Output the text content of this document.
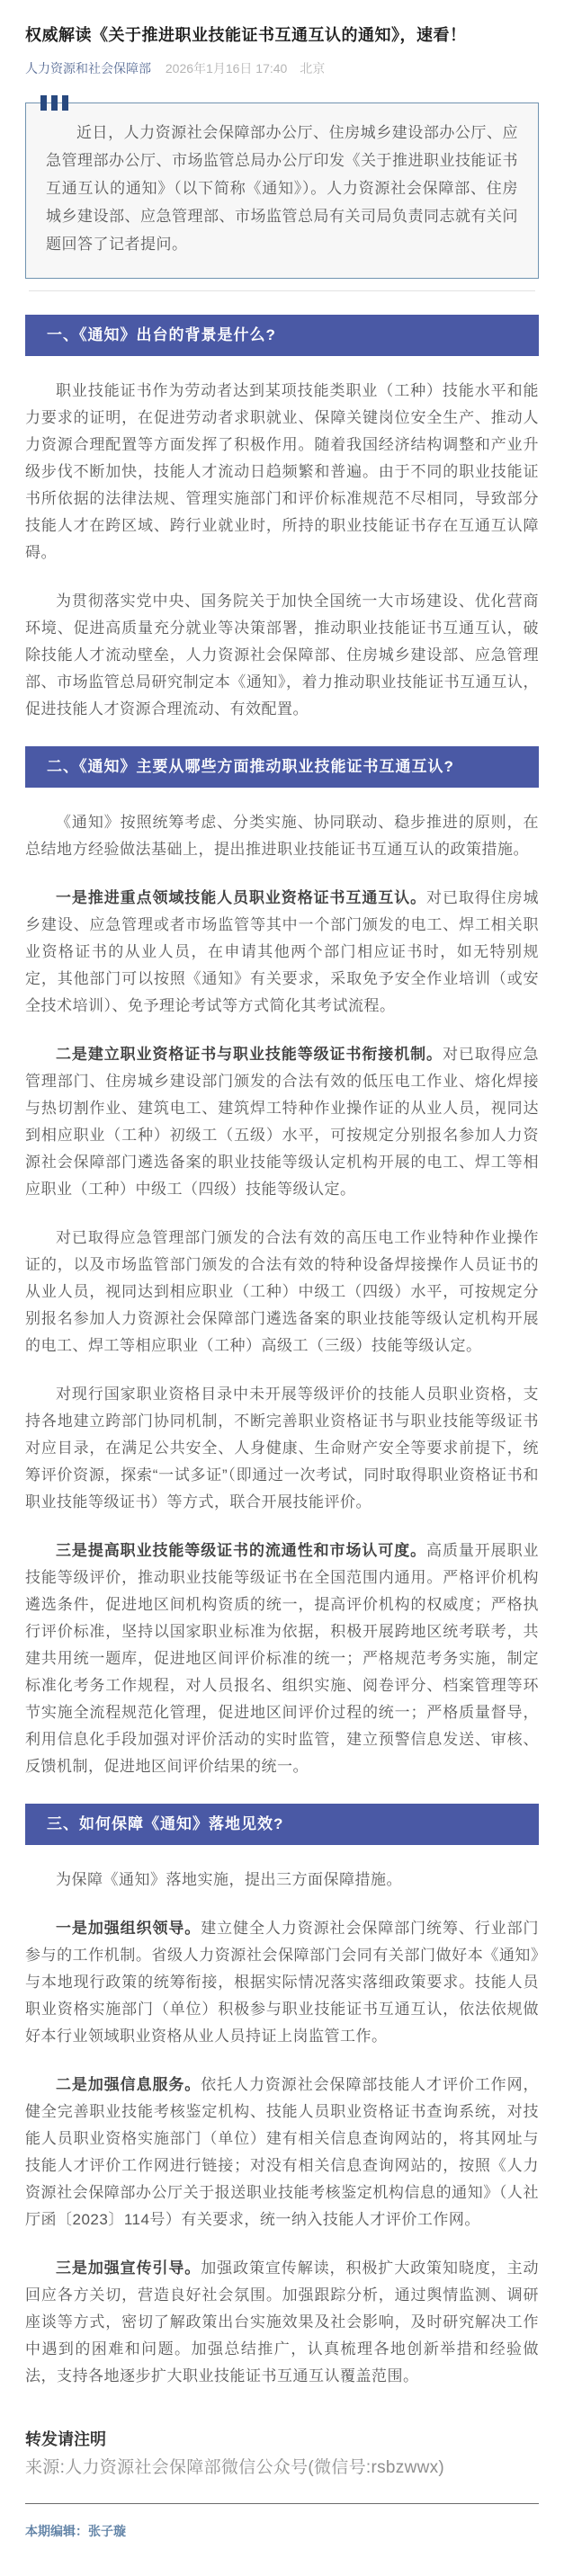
权威解读《关于推进职业技能证书互通互认的通知》，速看！
人力资源和社会保障部 2026年1月16日 17:40 北京

近日，人力资源社会保障部办公厅、住房城乡建设部办公厅、应急管理部办公厅、市场监管总局办公厅印发《关于推进职业技能证书互通互认的通知》（以下简称《通知》）。人力资源社会保障部、住房城乡建设部、应急管理部、市场监管总局有关司局负责同志就有关问题回答了记者提问。

一、《通知》出台的背景是什么?

职业技能证书作为劳动者达到某项技能类职业（工种）技能水平和能力要求的证明，在促进劳动者求职就业、保障关键岗位安全生产、推动人力资源合理配置等方面发挥了积极作用。随着我国经济结构调整和产业升级步伐不断加快，技能人才流动日趋频繁和普遍。由于不同的职业技能证书所依据的法律法规、管理实施部门和评价标准规范不尽相同，导致部分技能人才在跨区域、跨行业就业时，所持的职业技能证书存在互通互认障碍。

为贯彻落实党中央、国务院关于加快全国统一大市场建设、优化营商环境、促进高质量充分就业等决策部署，推动职业技能证书互通互认，破除技能人才流动壁垒，人力资源社会保障部、住房城乡建设部、应急管理部、市场监管总局研究制定本《通知》，着力推动职业技能证书互通互认，促进技能人才资源合理流动、有效配置。

二、《通知》主要从哪些方面推动职业技能证书互通互认?

《通知》按照统筹考虑、分类实施、协同联动、稳步推进的原则，在总结地方经验做法基础上，提出推进职业技能证书互通互认的政策措施。

一是推进重点领域技能人员职业资格证书互通互认。对已取得住房城乡建设、应急管理或者市场监管等其中一个部门颁发的电工、焊工相关职业资格证书的从业人员，在申请其他两个部门相应证书时，如无特别规定，其他部门可以按照《通知》有关要求，采取免予安全作业培训（或安全技术培训）、免予理论考试等方式简化其考试流程。

二是建立职业资格证书与职业技能等级证书衔接机制。对已取得应急管理部门、住房城乡建设部门颁发的合法有效的低压电工作业、熔化焊接与热切割作业、建筑电工、建筑焊工特种作业操作证的从业人员，视同达到相应职业（工种）初级工（五级）水平，可按规定分别报名参加人力资源社会保障部门遴选备案的职业技能等级认定机构开展的电工、焊工等相应职业（工种）中级工（四级）技能等级认定。

对已取得应急管理部门颁发的合法有效的高压电工作业特种作业操作证的，以及市场监管部门颁发的合法有效的特种设备焊接操作人员证书的从业人员，视同达到相应职业（工种）中级工（四级）水平，可按规定分别报名参加人力资源社会保障部门遴选备案的职业技能等级认定机构开展的电工、焊工等相应职业（工种）高级工（三级）技能等级认定。

对现行国家职业资格目录中未开展等级评价的技能人员职业资格，支持各地建立跨部门协同机制，不断完善职业资格证书与职业技能等级证书对应目录，在满足公共安全、人身健康、生命财产安全等要求前提下，统筹评价资源，探索“一试多证”（即通过一次考试，同时取得职业资格证书和职业技能等级证书）等方式，联合开展技能评价。

三是提高职业技能等级证书的流通性和市场认可度。高质量开展职业技能等级评价，推动职业技能等级证书在全国范围内通用。严格评价机构遴选条件，促进地区间机构资质的统一，提高评价机构的权威度；严格执行评价标准，坚持以国家职业标准为依据，积极开展跨地区统考联考，共建共用统一题库，促进地区间评价标准的统一；严格规范考务实施，制定标准化考务工作规程，对人员报名、组织实施、阅卷评分、档案管理等环节实施全流程规范化管理，促进地区间评价过程的统一；严格质量督导，利用信息化手段加强对评价活动的实时监管，建立预警信息发送、审核、反馈机制，促进地区间评价结果的统一。

三、如何保障《通知》落地见效?

为保障《通知》落地实施，提出三方面保障措施。

一是加强组织领导。建立健全人力资源社会保障部门统筹、行业部门参与的工作机制。省级人力资源社会保障部门会同有关部门做好本《通知》与本地现行政策的统筹衔接，根据实际情况落实落细政策要求。技能人员职业资格实施部门（单位）积极参与职业技能证书互通互认，依法依规做好本行业领域职业资格从业人员持证上岗监管工作。

二是加强信息服务。依托人力资源社会保障部技能人才评价工作网，健全完善职业技能考核鉴定机构、技能人员职业资格证书查询系统，对技能人员职业资格实施部门（单位）建有相关信息查询网站的，将其网址与技能人才评价工作网进行链接；对没有相关信息查询网站的，按照《人力资源社会保障部办公厅关于报送职业技能考核鉴定机构信息的通知》（人社厅函〔2023〕114号）有关要求，统一纳入技能人才评价工作网。

三是加强宣传引导。加强政策宣传解读，积极扩大政策知晓度，主动回应各方关切，营造良好社会氛围。加强跟踪分析，通过舆情监测、调研座谈等方式，密切了解政策出台实施效果及社会影响，及时研究解决工作中遇到的困难和问题。加强总结推广，认真梳理各地创新举措和经验做法，支持各地逐步扩大职业技能证书互通互认覆盖范围。

转发请注明

来源:人力资源社会保障部微信公众号(微信号:rsbzwwx)

本期编辑：张子璇
